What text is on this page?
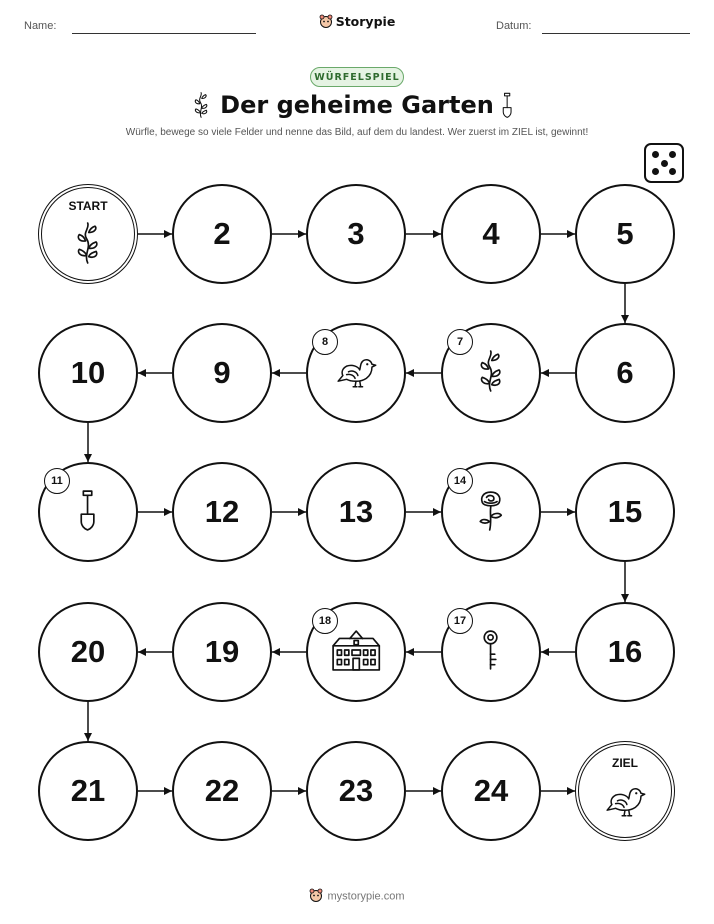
Name:	Storypie	Datum:
WÜRFELSPIEL
Der geheime Garten
Würfle, bewege so viele Felder und nenne das Bild, auf dem du landest. Wer zuerst im ZIEL ist, gewinnt!
START
2	3	4	5
6
7
8
9
10
11
12	13
14
15
16
17
18
19
20
21	22	23	24
ZIEL
mystorypie.com
